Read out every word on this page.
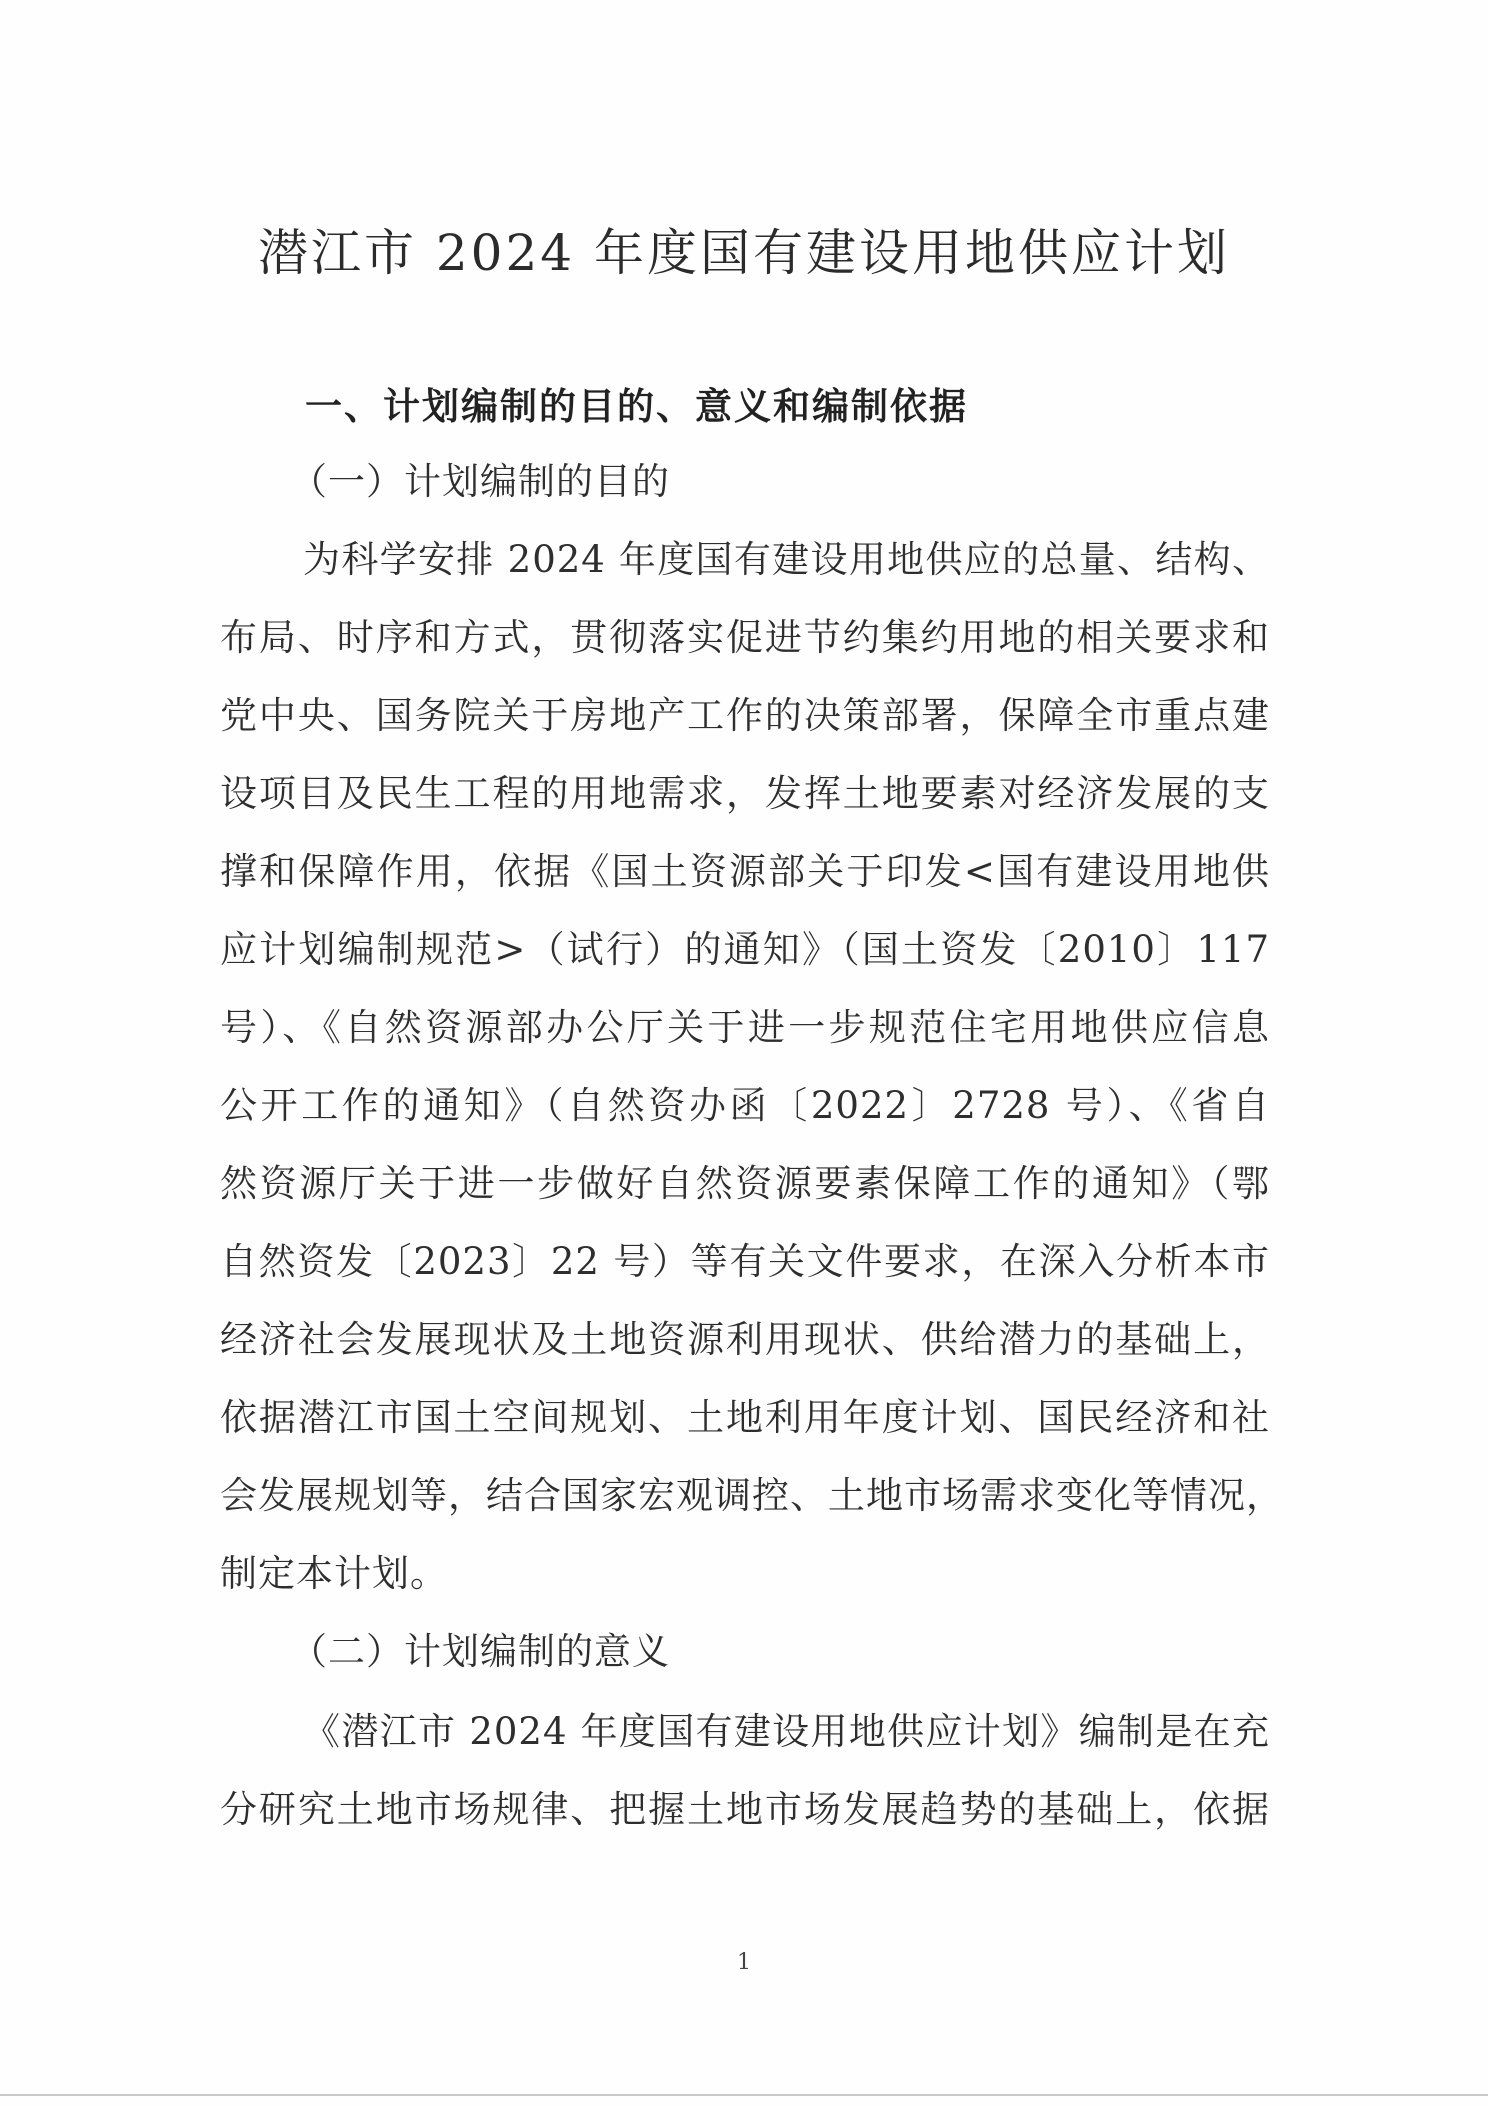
潜江市 2024 年度国有建设用地供应计划

一、计划编制的目的、意义和编制依据

（一）计划编制的目的

为科学安排 2024 年度国有建设用地供应的总量、结构、

布局、时序和方式，贯彻落实促进节约集约用地的相关要求和

党中央、国务院关于房地产工作的决策部署，保障全市重点建

设项目及民生工程的用地需求，发挥土地要素对经济发展的支

撑和保障作用，依据《国土资源部关于印发<国有建设用地供

应计划编制规范>（试行）的通知》（国土资发〔2010〕117

号）、《自然资源部办公厅关于进一步规范住宅用地供应信息

公开工作的通知》（自然资办函〔2022〕2728 号）、《省自

然资源厅关于进一步做好自然资源要素保障工作的通知》（鄂

自然资发〔2023〕22 号）等有关文件要求，在深入分析本市

经济社会发展现状及土地资源利用现状、供给潜力的基础上，

依据潜江市国土空间规划、土地利用年度计划、国民经济和社

会发展规划等，结合国家宏观调控、土地市场需求变化等情况，

制定本计划。

（二）计划编制的意义

《潜江市 2024 年度国有建设用地供应计划》编制是在充

分研究土地市场规律、把握土地市场发展趋势的基础上，依据

1
